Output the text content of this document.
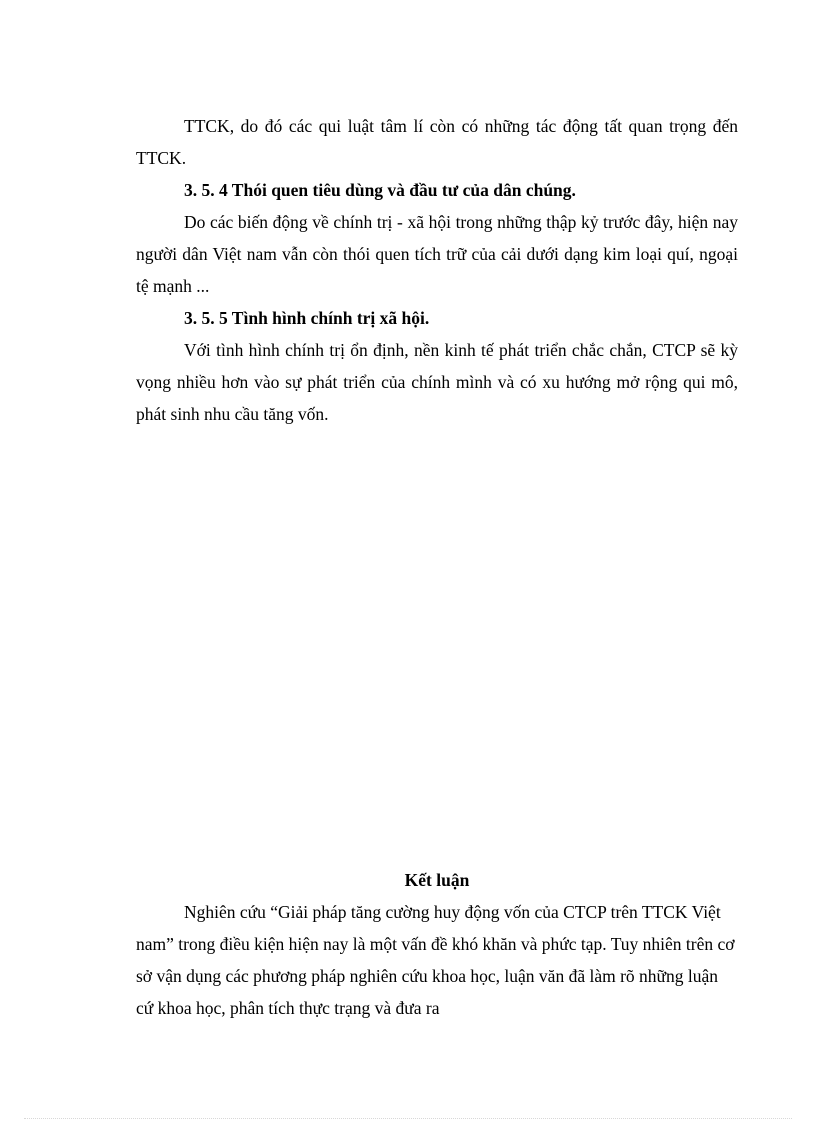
TTCK, do đó các qui luật tâm lí còn có những tác động tất quan trọng đến TTCK.

3. 5. 4 Thói quen tiêu dùng và đầu tư của dân chúng.

Do các biến động về chính trị - xã hội trong những thập kỷ trước đây, hiện nay người dân Việt nam vẫn còn thói quen tích trữ của cải dưới dạng kim loại quí, ngoại tệ mạnh ...

3. 5. 5 Tình hình chính trị xã hội.

Với tình hình chính trị ổn định, nền kinh tế phát triển chắc chắn, CTCP sẽ kỳ vọng nhiều hơn vào sự phát triển của chính mình và có xu hướng mở rộng qui mô, phát sinh nhu cầu tăng vốn.

Kết luận

Nghiên cứu “Giải pháp tăng cường huy động vốn của CTCP trên TTCK Việt nam” trong điều kiện hiện nay là một vấn đề khó khăn và phức tạp. Tuy nhiên trên cơ sở vận dụng các phương pháp nghiên cứu khoa học, luận văn đã làm rõ những luận cứ khoa học, phân tích thực trạng và đưa ra
